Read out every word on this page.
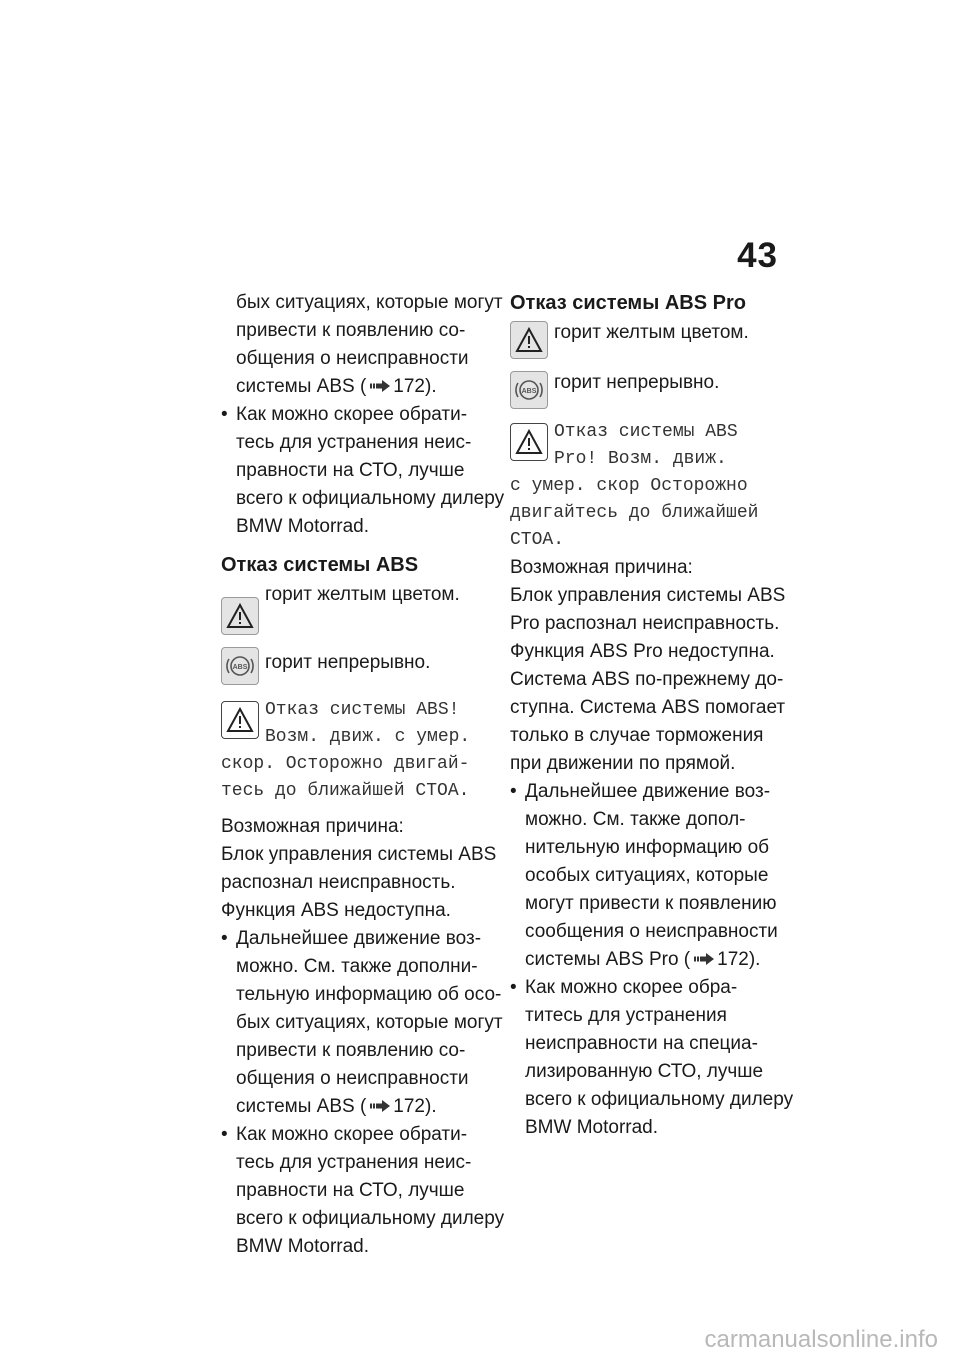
43
бых ситуациях, которые могут
привести к появлению со-
общения о неисправности
системы ABS ( 172).
• Как можно скорее обрати-
тесь для устранения неис-
правности на СТО, лучше
всего к официальному дилеру
BMW Motorrad.
Отказ системы ABS
горит желтым цветом.
ABS горит непрерывно.
Отказ системы ABS!
Возм. движ. с умер.
скор. Осторожно двигай-
тесь до ближайшей СТОА.
Возможная причина:
Блок управления системы ABS
распознал неисправность.
Функция ABS недоступна.
• Дальнейшее движение воз-
можно. См. также дополни-
тельную информацию об осо-
бых ситуациях, которые могут
привести к появлению со-
общения о неисправности
системы ABS ( 172).
• Как можно скорее обрати-
тесь для устранения неис-
правности на СТО, лучше
всего к официальному дилеру
BMW Motorrad.
Отказ системы ABS Pro
горит желтым цветом.
ABS горит непрерывно.
Отказ системы ABS
Pro! Возм. движ.
с умер. скор Осторожно
двигайтесь до ближайшей
СТОА.
Возможная причина:
Блок управления системы ABS
Pro распознал неисправность.
Функция ABS Pro недоступна.
Система ABS по-прежнему до-
ступна. Система ABS помогает
только в случае торможения
при движении по прямой.
• Дальнейшее движение воз-
можно. См. также допол-
нительную информацию об
особых ситуациях, которые
могут привести к появлению
сообщения о неисправности
системы ABS Pro ( 172).
• Как можно скорее обра-
титесь для устранения
неисправности на специа-
лизированную СТО, лучше
всего к официальному дилеру
BMW Motorrad.
carmanualsonline.info
